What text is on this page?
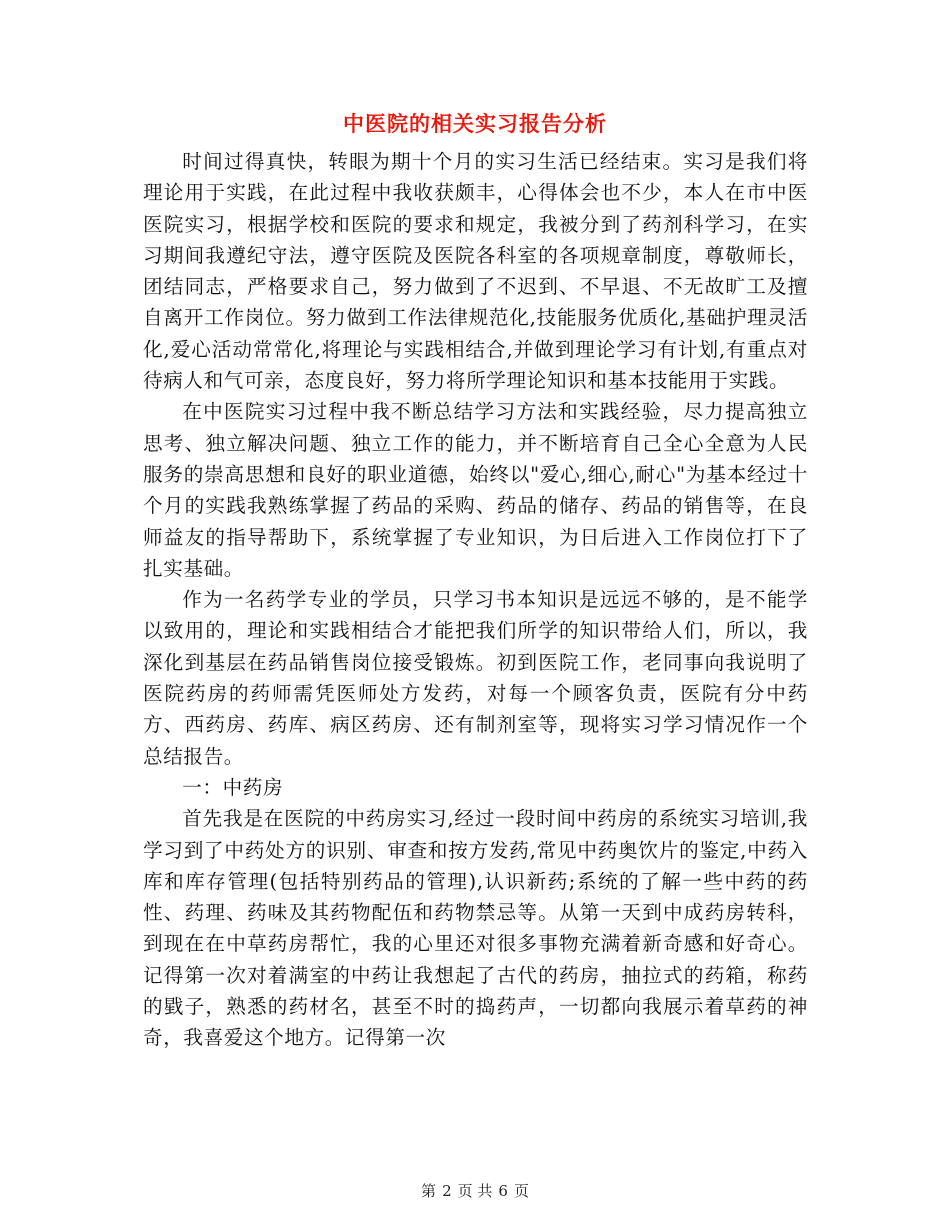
中医院的相关实习报告分析

时间过得真快，转眼为期十个月的实习生活已经结束。实习是我们将理论用于实践，在此过程中我收获颇丰，心得体会也不少，本人在市中医医院实习，根据学校和医院的要求和规定，我被分到了药剂科学习，在实习期间我遵纪守法，遵守医院及医院各科室的各项规章制度，尊敬师长，团结同志，严格要求自己，努力做到了不迟到、不早退、不无故旷工及擅自离开工作岗位。努力做到工作法律规范化,技能服务优质化,基础护理灵活化,爱心活动常常化,将理论与实践相结合,并做到理论学习有计划,有重点对待病人和气可亲，态度良好，努力将所学理论知识和基本技能用于实践。

在中医院实习过程中我不断总结学习方法和实践经验，尽力提高独立思考、独立解决问题、独立工作的能力，并不断培育自己全心全意为人民服务的崇高思想和良好的职业道德，始终以"爱心,细心,耐心"为基本经过十个月的实践我熟练掌握了药品的采购、药品的储存、药品的销售等，在良师益友的指导帮助下，系统掌握了专业知识，为日后进入工作岗位打下了扎实基础。

作为一名药学专业的学员，只学习书本知识是远远不够的，是不能学以致用的，理论和实践相结合才能把我们所学的知识带给人们，所以，我深化到基层在药品销售岗位接受锻炼。初到医院工作，老同事向我说明了医院药房的药师需凭医师处方发药，对每一个顾客负责，医院有分中药方、西药房、药库、病区药房、还有制剂室等，现将实习学习情况作一个总结报告。

一：中药房

首先我是在医院的中药房实习,经过一段时间中药房的系统实习培训,我学习到了中药处方的识别、审查和按方发药,常见中药奥饮片的鉴定,中药入库和库存管理(包括特别药品的管理),认识新药;系统的了解一些中药的药性、药理、药味及其药物配伍和药物禁忌等。从第一天到中成药房转科，到现在在中草药房帮忙，我的心里还对很多事物充满着新奇感和好奇心。记得第一次对着满室的中药让我想起了古代的药房，抽拉式的药箱，称药的戥子，熟悉的药材名，甚至不时的捣药声，一切都向我展示着草药的神奇，我喜爱这个地方。记得第一次

第 2 页 共 6 页
